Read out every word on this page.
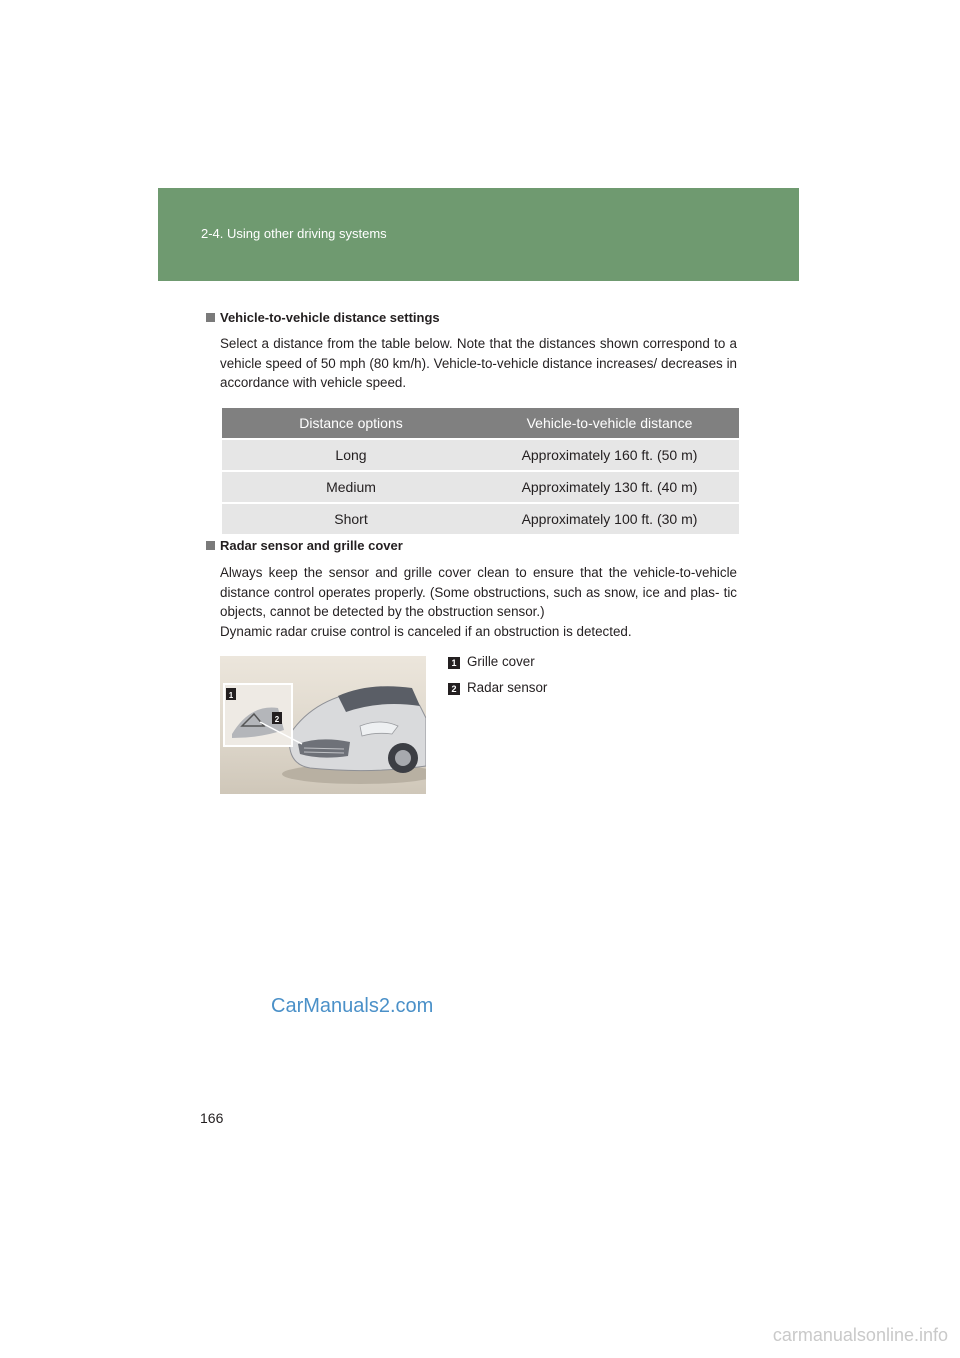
2-4. Using other driving systems
Vehicle-to-vehicle distance settings

Select a distance from the table below. Note that the distances shown correspond to a vehicle speed of 50 mph (80 km/h). Vehicle-to-vehicle distance increases/ decreases in accordance with vehicle speed.

Distance options	Vehicle-to-vehicle distance
Long	Approximately 160 ft. (50 m)
Medium	Approximately 130 ft. (40 m)
Short	Approximately 100 ft. (30 m)
Radar sensor and grille cover

Always keep the sensor and grille cover clean to ensure that the vehicle-to-vehicle distance control operates properly. (Some obstructions, such as snow, ice and plas- tic objects, cannot be detected by the obstruction sensor.)

Dynamic radar cruise control is canceled if an obstruction is detected.

1
2
1 Grille cover
2 Radar sensor
CarManuals2.com
166
carmanualsonline.info
